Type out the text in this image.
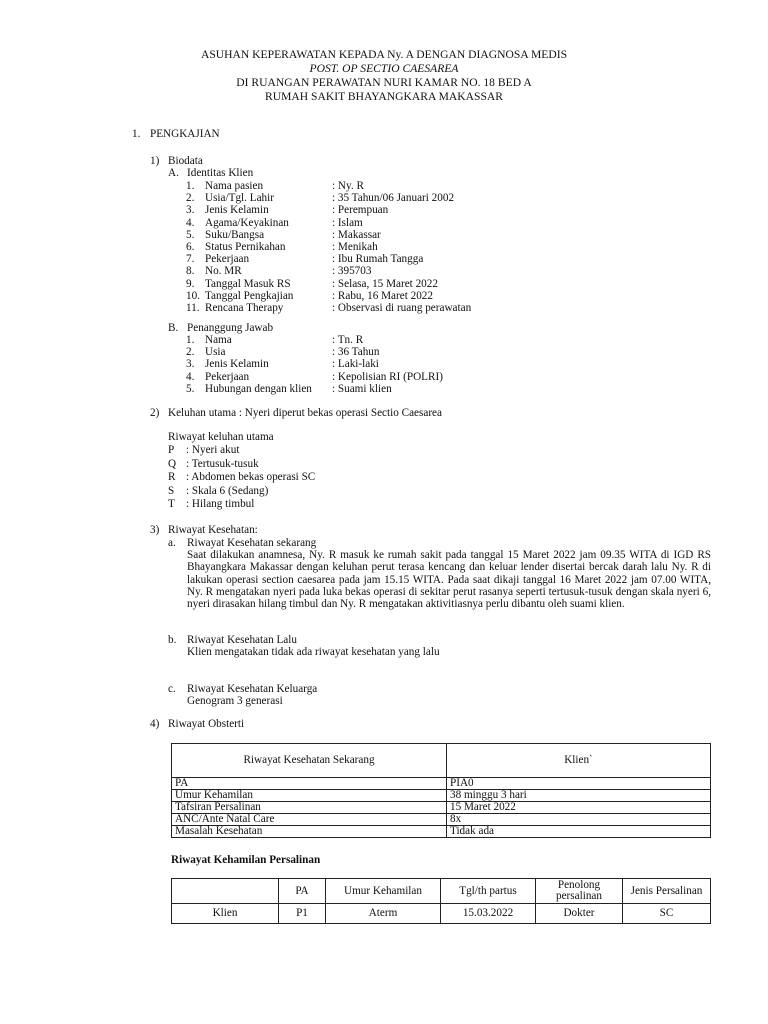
ASUHAN KEPERAWATAN KEPADA Ny. A DENGAN DIAGNOSA MEDIS
POST. OP SECTIO CAESAREA
DI RUANGAN PERAWATAN NURI KAMAR NO. 18 BED A
RUMAH SAKIT BHAYANGKARA MAKASSAR
1. PENGKAJIAN
1) Biodata
A. Identitas Klien
1. Nama pasien	: Ny. R
2. Usia/Tgl. Lahir	: 35 Tahun/06 Januari 2002
3. Jenis Kelamin	: Perempuan
4. Agama/Keyakinan	: Islam
5. Suku/Bangsa	: Makassar
6. Status Pernikahan	: Menikah
7. Pekerjaan	: Ibu Rumah Tangga
8. No. MR	: 395703
9. Tanggal Masuk RS	: Selasa, 15 Maret 2022
10. Tanggal Pengkajian	: Rabu, 16 Maret 2022
11. Rencana Therapy	: Observasi di ruang perawatan
B. Penanggung Jawab
1. Nama	: Tn. R
2. Usia	: 36 Tahun
3. Jenis Kelamin	: Laki-laki
4. Pekerjaan	: Kepolisian RI (POLRI)
5. Hubungan dengan klien : Suami klien
2) Keluhan utama : Nyeri diperut bekas operasi Sectio Caesarea
Riwayat keluhan utama
P : Nyeri akut
Q : Tertusuk-tusuk
R : Abdomen bekas operasi SC
S : Skala 6 (Sedang)
T : Hilang timbul
3) Riwayat Kesehatan:
a. Riwayat Kesehatan sekarang
Saat dilakukan anamnesa, Ny. R masuk ke rumah sakit pada tanggal 15 Maret 2022 jam 09.35 WITA di IGD RS Bhayangkara Makassar dengan keluhan perut terasa kencang dan keluar lender disertai bercak darah lalu Ny. R di lakukan operasi section caesarea pada jam 15.15 WITA. Pada saat dikaji tanggal 16 Maret 2022 jam 07.00 WITA, Ny. R mengatakan nyeri pada luka bekas operasi di sekitar perut rasanya seperti tertusuk-tusuk dengan skala nyeri 6, nyeri dirasakan hilang timbul dan Ny. R mengatakan aktivitiasnya perlu dibantu oleh suami klien.
b. Riwayat Kesehatan Lalu
Klien mengatakan tidak ada riwayat kesehatan yang lalu
c. Riwayat Kesehatan Keluarga
Genogram 3 generasi
4) Riwayat Obsterti
Riwayat Kesehatan Sekarang	Klien`
PA	PIA0
Umur Kehamilan	38 minggu 3 hari
Tafsiran Persalinan	15 Maret 2022
ANC/Ante Natal Care	8x
Masalah Kesehatan	Tidak ada
Riwayat Kehamilan Persalinan
	PA	Umur Kehamilan	Tgl/th partus	Penolong persalinan	Jenis Persalinan
Klien	P1	Aterm	15.03.2022	Dokter	SC
